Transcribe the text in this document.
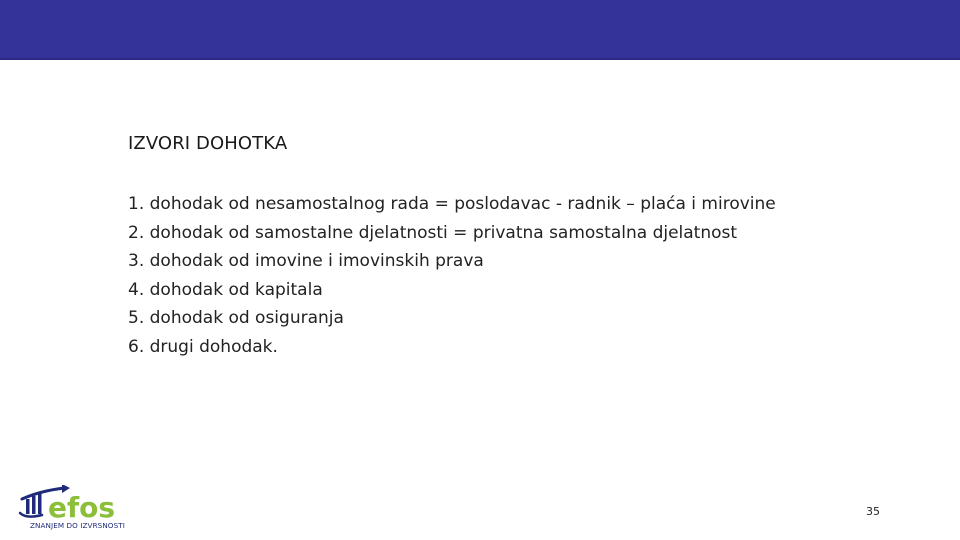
IZVORI DOHOTKA
1. dohodak od nesamostalnog rada = poslodavac - radnik – plaća i mirovine
2. dohodak od samostalne djelatnosti = privatna samostalna djelatnost
3. dohodak od imovine i imovinskih prava
4. dohodak od kapitala
5. dohodak od osiguranja
6. drugi dohodak.
efos
ZNANJEM DO IZVRSNOSTI
35
